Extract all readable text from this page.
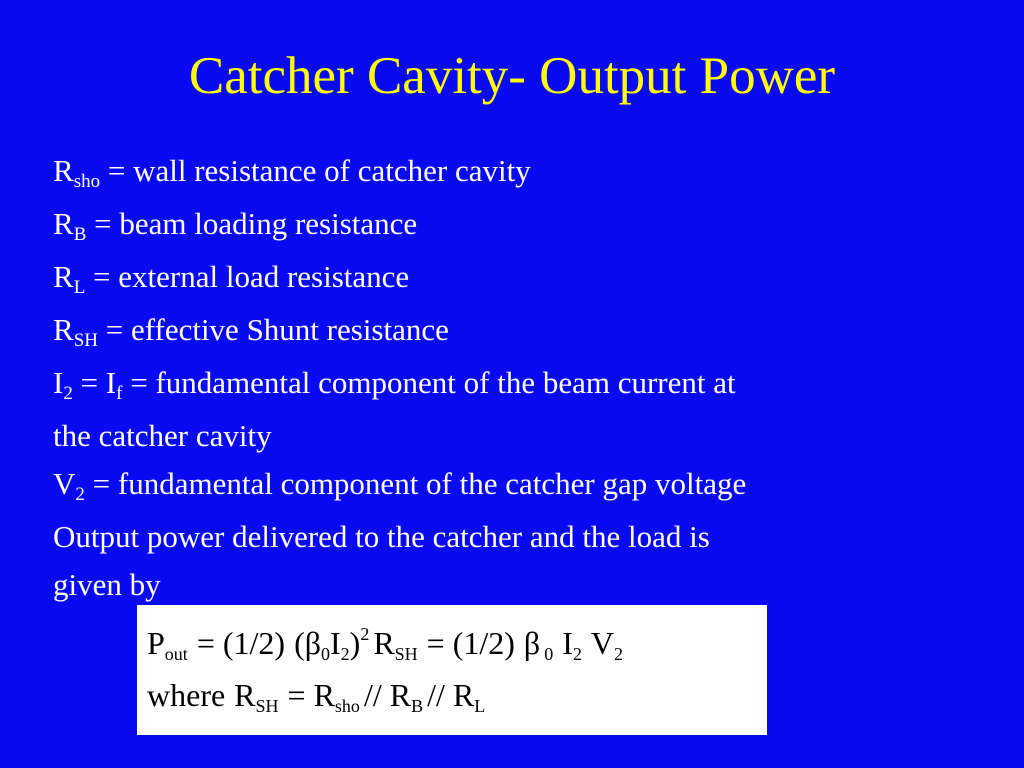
Catcher Cavity- Output Power
Rsho = wall resistance of catcher cavity
RB = beam loading resistance
RL = external load resistance
RSH = effective Shunt resistance
I2 = If = fundamental component of the beam current at
the catcher cavity
V2 = fundamental component of the catcher gap voltage
Output power delivered to the catcher and the load is
given by
Pout = (1/2) $(\beta 0I2)^2$ RSH = (1/2) β 0 I2 V2
where RSH = Rsho // RB // RL
